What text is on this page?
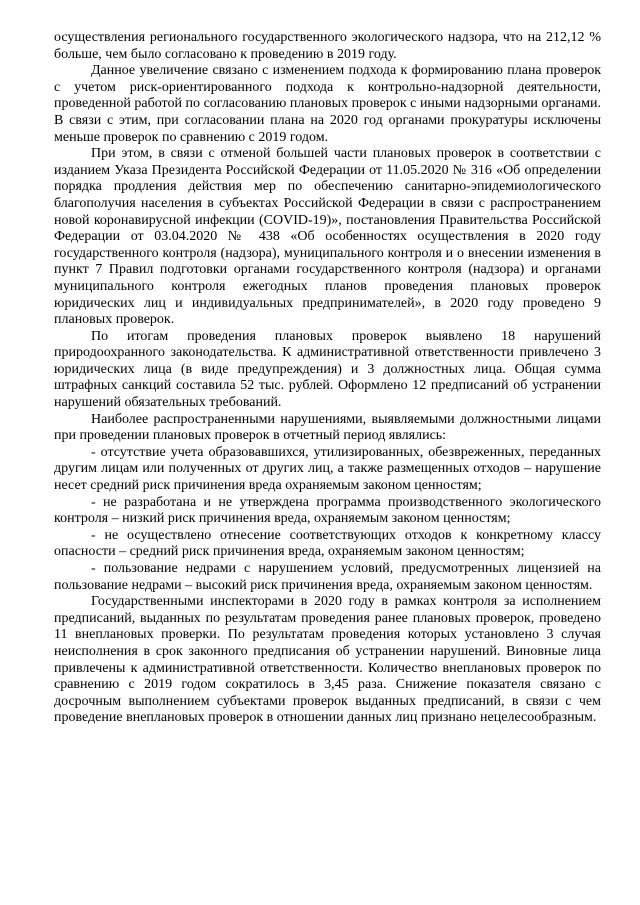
осуществления регионального государственного экологического надзора, что на 212,12 % больше, чем было согласовано к проведению в 2019 году.

Данное увеличение связано с изменением подхода к формированию плана проверок с учетом риск-ориентированного подхода к контрольно-надзорной деятельности, проведенной работой по согласованию плановых проверок с иными надзорными органами. В связи с этим, при согласовании плана на 2020 год органами прокуратуры исключены меньше проверок по сравнению с 2019 годом.

При этом, в связи с отменой большей части плановых проверок в соответствии с изданием Указа Президента Российской Федерации от 11.05.2020 № 316 «Об определении порядка продления действия мер по обеспечению санитарно-эпидемиологического благополучия населения в субъектах Российской Федерации в связи с распространением новой коронавирусной инфекции (COVID-19)», постановления Правительства Российской Федерации от 03.04.2020 № 438 «Об особенностях осуществления в 2020 году государственного контроля (надзора), муниципального контроля и о внесении изменения в пункт 7 Правил подготовки органами государственного контроля (надзора) и органами муниципального контроля ежегодных планов проведения плановых проверок юридических лиц и индивидуальных предпринимателей», в 2020 году проведено 9 плановых проверок.

По итогам проведения плановых проверок выявлено 18 нарушений природоохранного законодательства. К административной ответственности привлечено 3 юридических лица (в виде предупреждения) и 3 должностных лица. Общая сумма штрафных санкций составила 52 тыс. рублей. Оформлено 12 предписаний об устранении нарушений обязательных требований.

Наиболее распространенными нарушениями, выявляемыми должностными лицами при проведении плановых проверок в отчетный период являлись:

- отсутствие учета образовавшихся, утилизированных, обезвреженных, переданных другим лицам или полученных от других лиц, а также размещенных отходов – нарушение несет средний риск причинения вреда охраняемым законом ценностям;

- не разработана и не утверждена программа производственного экологического контроля – низкий риск причинения вреда, охраняемым законом ценностям;

- не осуществлено отнесение соответствующих отходов к конкретному классу опасности – средний риск причинения вреда, охраняемым законом ценностям;

- пользование недрами с нарушением условий, предусмотренных лицензией на пользование недрами – высокий риск причинения вреда, охраняемым законом ценностям.

Государственными инспекторами в 2020 году в рамках контроля за исполнением предписаний, выданных по результатам проведения ранее плановых проверок, проведено 11 внеплановых проверки. По результатам проведения которых установлено 3 случая неисполнения в срок законного предписания об устранении нарушений. Виновные лица привлечены к административной ответственности. Количество внеплановых проверок по сравнению с 2019 годом сократилось в 3,45 раза. Снижение показателя связано с досрочным выполнением субъектами проверок выданных предписаний, в связи с чем проведение внеплановых проверок в отношении данных лиц признано нецелесообразным.
